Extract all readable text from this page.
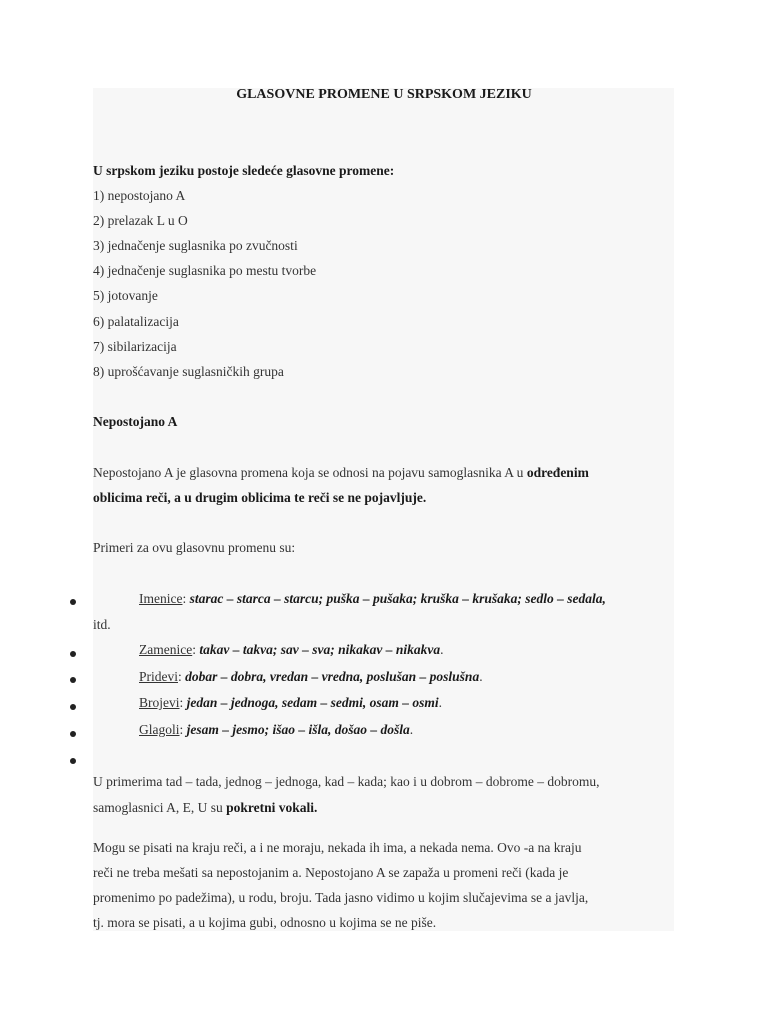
GLASOVNE PROMENE U SRPSKOM JEZIKU
U srpskom jeziku postoje sledeće glasovne promene:
1) nepostojano A
2) prelazak L u O
3) jednačenje suglasnika po zvučnosti
4) jednačenje suglasnika po mestu tvorbe
5) jotovanje
6) palatalizacija
7) sibilarizacija
8) uprošćavanje suglasničkih grupa
Nepostojano A
Nepostojano A je glasovna promena koja se odnosi na pojavu samoglasnika A u određenim
oblicima reči, a u drugim oblicima te reči se ne pojavljuje.
Primeri za ovu glasovnu promenu su:
Imenice: starac – starca – starcu; puška – pušaka; kruška – krušaka; sedlo – sedala,
itd.
Zamenice: takav – takva; sav – sva; nikakav – nikakva.
Pridevi: dobar – dobra, vredan – vredna, poslušan – poslušna.
Brojevi: jedan – jednoga, sedam – sedmi, osam – osmi.
Glagoli: jesam – jesmo; išao – išla, došao – došla.
U primerima tad – tada, jednog – jednoga, kad – kada; kao i u dobrom – dobrome – dobromu,
samoglasnici A, E, U su pokretni vokali.
Mogu se pisati na kraju reči, a i ne moraju, nekada ih ima, a nekada nema. Ovo -a na kraju
reči ne treba mešati sa nepostojanim a. Nepostojano A se zapaža u promeni reči (kada je
promenimo po padežima), u rodu, broju. Tada jasno vidimo u kojim slučajevima se a javlja,
tj. mora se pisati, a u kojima gubi, odnosno u kojima se ne piše.
